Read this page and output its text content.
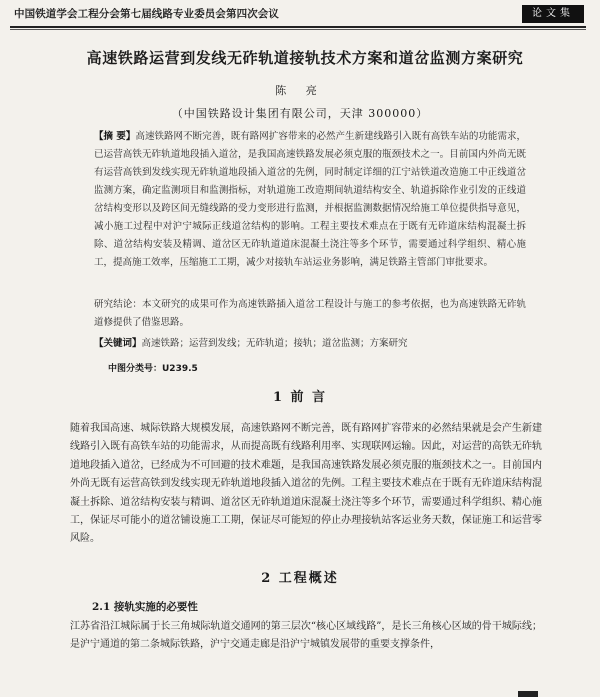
中国铁道学会工程分会第七届线路专业委员会第四次会议	论文集
高速铁路运营到发线无砟轨道接轨技术方案和道岔监测方案研究
陈 亮
（中国铁路设计集团有限公司，天津 300000）
【摘 要】高速铁路网不断完善，既有路网扩容带来的必然产生新建线路引入既有高铁车站的功能需求，已运营高铁无砟轨道地段插入道岔，是我国高速铁路发展必须克服的瓶颈技术之一。目前国内外尚无既有运营高铁到发线实现无砟轨道地段插入道岔的先例，同时制定详细的江宁站铁道改造施工中正线道岔监测方案，确定监测项目和监测指标，对轨道施工改造期间轨道结构安全、轨道拆除作业引发的正线道岔结构变形以及跨区间无缝线路的受力变形进行监测，并根据监测数据情况给施工单位提供指导意见，减小施工过程中对沪宁城际正线道岔结构的影响。工程主要技术难点在于既有无砟道床结构混凝土拆除、道岔结构安装及精调、道岔区无砟轨道道床混凝土浇注等多个环节，需要通过科学组织、精心施工，提高施工效率，压缩施工工期，减少对接轨车站运业务影响，满足铁路主管部门审批要求。
研究结论：本文研究的成果可作为高速铁路插入道岔工程设计与施工的参考依据，也为高速铁路无砟轨道修提供了借鉴思路。
【关键词】高速铁路；运营到发线；无砟轨道；接轨；道岔监测；方案研究
中图分类号：U239.5
1 前 言
随着我国高速、城际铁路大规模发展，高速铁路网不断完善，既有路网扩容带来的必然结果就是会产生新建线路引入既有高铁车站的功能需求，从而提高既有线路利用率、实现联网运输。因此，对运营的高铁无砟轨道地段插入道岔，已经成为不可回避的技术难题，是我国高速铁路发展必须克服的瓶颈技术之一。目前国内外尚无既有运营高铁到发线实现无砟轨道地段插入道岔的先例。工程主要技术难点在于既有无砟道床结构混凝土拆除、道岔结构安装与精调、道岔区无砟轨道道床混凝土浇注等多个环节，需要通过科学组织、精心施工，保证尽可能小的道岔铺设施工工期，保证尽可能短的停止办理接轨站客运业务天数，保证施工和运营零风险。
2 工程概述
2.1 接轨实施的必要性
江苏省沿江城际属于长三角城际轨道交通网的第三层次“核心区域线路”，是长三角核心区域的骨干城际线；是沪宁通道的第二条城际铁路，沪宁交通走廊是沿沪宁城镇发展带的重要支撑条件，
